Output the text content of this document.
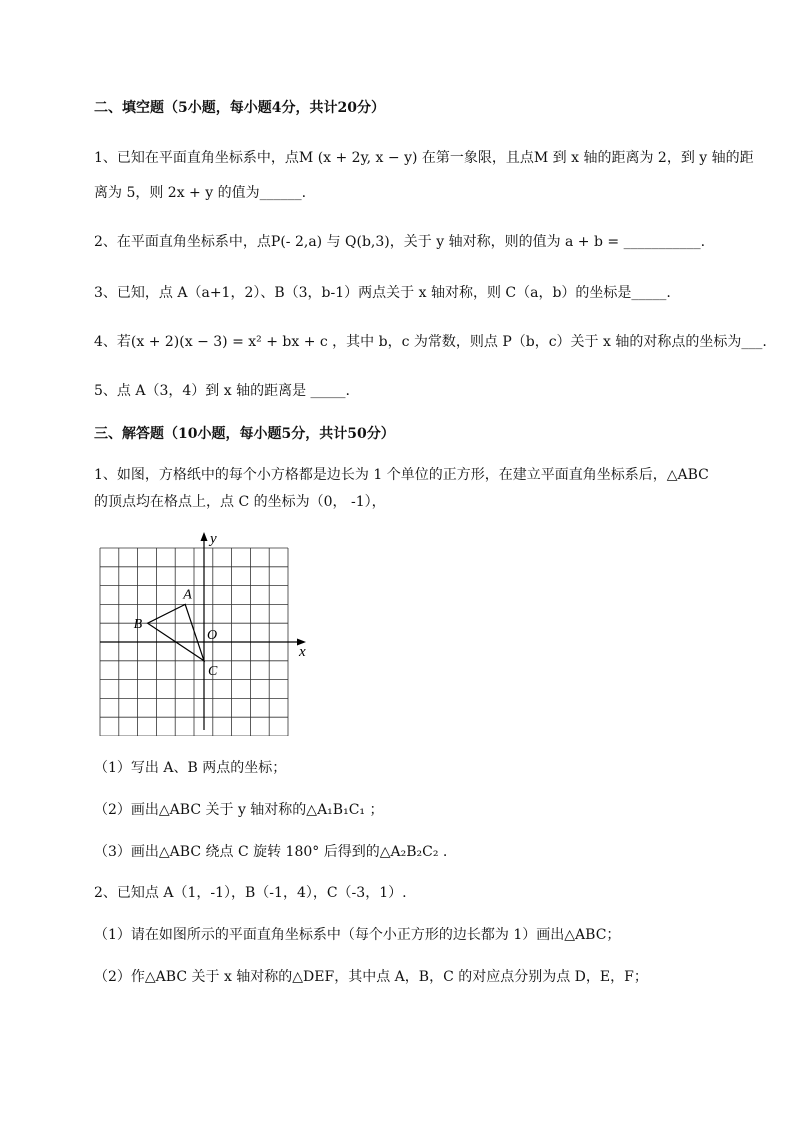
二、填空题（5小题，每小题4分，共计20分）
1、已知在平面直角坐标系中，点M (x + 2y, x − y) 在第一象限，且点M 到 x 轴的距离为 2，到 y 轴的距
离为 5，则 2x + y 的值为______.
2、在平面直角坐标系中，点P(- 2,a) 与 Q(b,3)，关于 y 轴对称，则的值为 a + b = ___________.
3、已知，点 A（a+1，2）、B（3，b-1）两点关于 x 轴对称，则 C（a，b）的坐标是_____.
4、若(x + 2)(x − 3) = x² + bx + c ，其中 b，c 为常数，则点 P（b，c）关于 x 轴的对称点的坐标为___.
5、点 A（3，4）到 x 轴的距离是 _____.
三、解答题（10小题，每小题5分，共计50分）
1、如图，方格纸中的每个小方格都是边长为 1 个单位的正方形，在建立平面直角坐标系后，△ABC
的顶点均在格点上，点 C 的坐标为（0， -1），
x
y
O
A
B
C
（1）写出 A、B 两点的坐标；
（2）画出△ABC 关于 y 轴对称的△A₁B₁C₁ ；
（3）画出△ABC 绕点 C 旋转 180° 后得到的△A₂B₂C₂ .
2、已知点 A（1，-1），B（-1，4），C（-3，1）.
（1）请在如图所示的平面直角坐标系中（每个小正方形的边长都为 1）画出△ABC；
（2）作△ABC 关于 x 轴对称的△DEF，其中点 A，B，C 的对应点分别为点 D，E，F；
